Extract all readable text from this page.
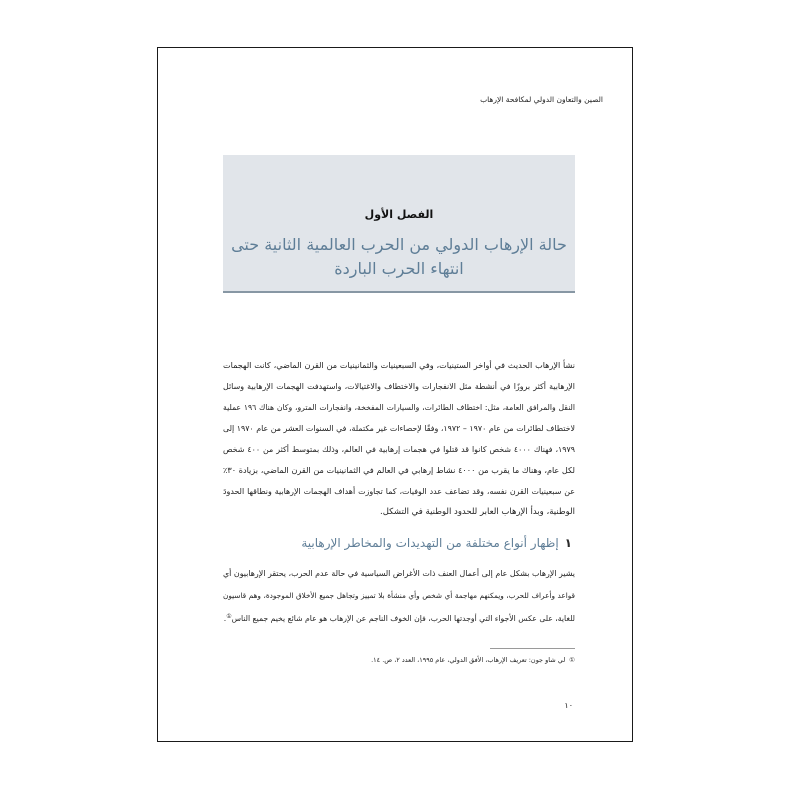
الصين والتعاون الدولي لمكافحة الإرهاب
الفصل الأول
حالة الإرهاب الدولي من الحرب العالمية الثانية حتى
انتهاء الحرب الباردة
نشأ الإرهاب الحديث في أواخر الستينيات، وفي السبعينيات والثمانينيات من القرن الماضي، كانت الهجمات
الإرهابية أكثر بروزًا في أنشطة مثل الانفجارات والاختطاف والاغتيالات، واستهدفت الهجمات الإرهابية وسائل
النقل والمرافق العامة، مثل: اختطاف الطائرات، والسيارات المفخخة، وانفجارات المترو، وكان هناك ١٩٦ عملية
لاختطاف لطائرات من عام ١٩٧٠ – ١٩٧٢، وفقًا لإحصاءات غير مكتملة، في السنوات العشر من عام ١٩٧٠ إلى
١٩٧٩، فهناك ٤٠٠٠ شخص كانوا قد قتلوا في هجمات إرهابية في العالم، وذلك بمتوسط أكثر من ٤٠٠ شخص
لكل عام، وهناك ما يقرب من ٤٠٠٠ نشاط إرهابي في العالم في الثمانينيات من القرن الماضي، بزيادة ٣٠٪
عن سبعينيات القرن نفسه، وقد تضاعف عدد الوفيات، كما تجاوزت أهداف الهجمات الإرهابية ونطاقها الحدودَ
الوطنية، وبدأ الإرهاب العابر للحدود الوطنية في التشكل.
١إظهار أنواع مختلفة من التهديدات والمخاطر الإرهابية
يشير الإرهاب بشكل عام إلى أعمال العنف ذات الأغراض السياسية في حالة عدم الحرب، يحتقر الإرهابيون أي
قواعد وأعراف للحرب، ويمكنهم مهاجمة أي شخص وأي منشأة بلا تمييز وتجاهل جميع الأخلاق الموجودة، وهم قاسيون
للغاية، على عكس الأجواء التي أوجدتها الحرب، فإن الخوف الناجم عن الإرهاب هو عام شائع يخيم جميع الناس①.
①لي شاو جون: تعريف الإرهاب، الأفق الدولي، عام ١٩٩٥، العدد ٢، ص. ١٤.
١٠
